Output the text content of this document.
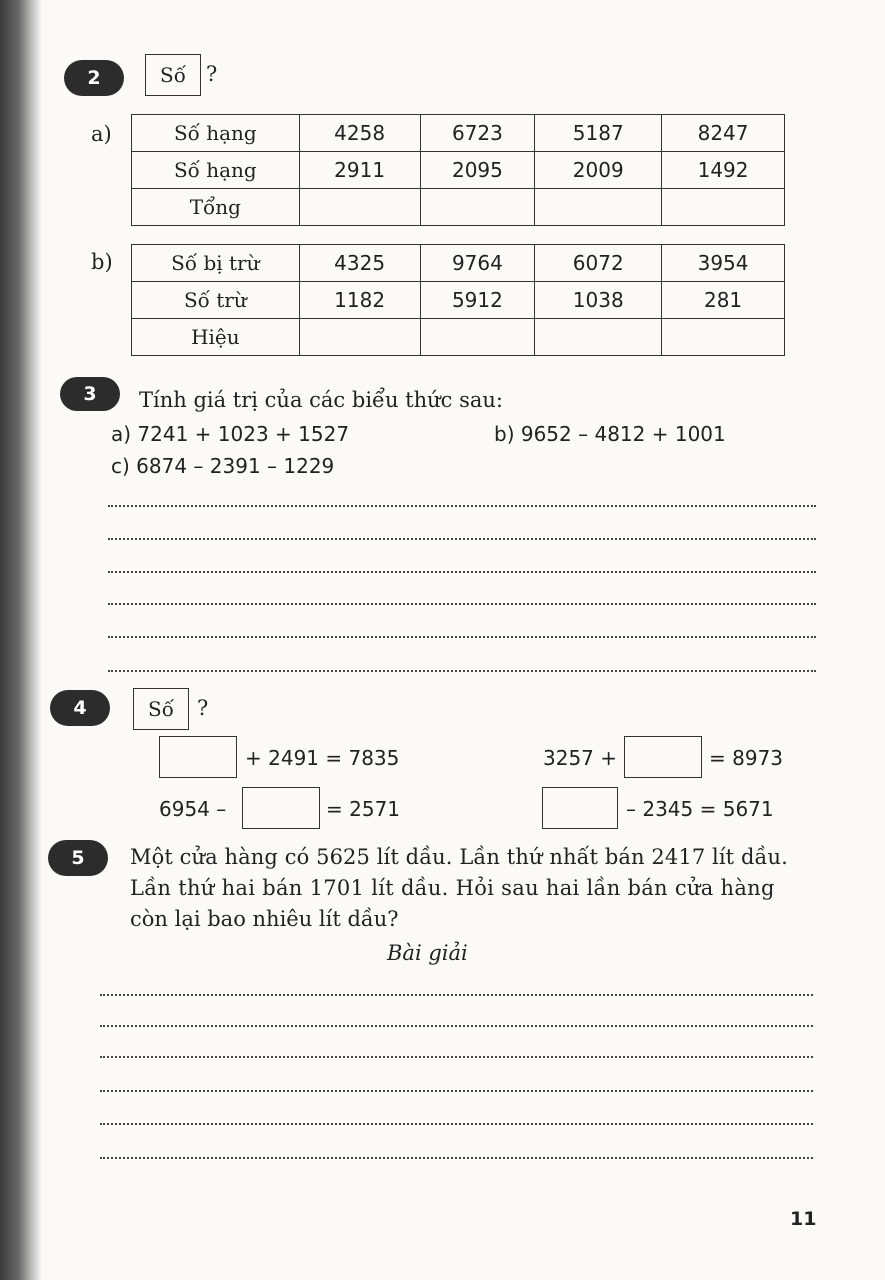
2	Số ?
a)	Số hạng	4258	6723	5187	8247
Số hạng	2911	2095	2009	1492
Tổng				
b)	Số bị trừ	4325	9764	6072	3954
Số trừ	1182	5912	1038	281
Hiệu				
3	Tính giá trị của các biểu thức sau:
a) 7241 + 1023 + 1527	b) 9652 – 4812 + 1001
c) 6874 – 2391 – 1229
4	Số	?
+ 2491 = 7835	3257 +	= 8973
6954 –	= 2571	– 2345 = 5671
5	Một cửa hàng có 5625 lít dầu. Lần thứ nhất bán 2417 lít dầu.
Lần thứ hai bán 1701 lít dầu. Hỏi sau hai lần bán cửa hàng
còn lại bao nhiêu lít dầu?
Bài giải
11
